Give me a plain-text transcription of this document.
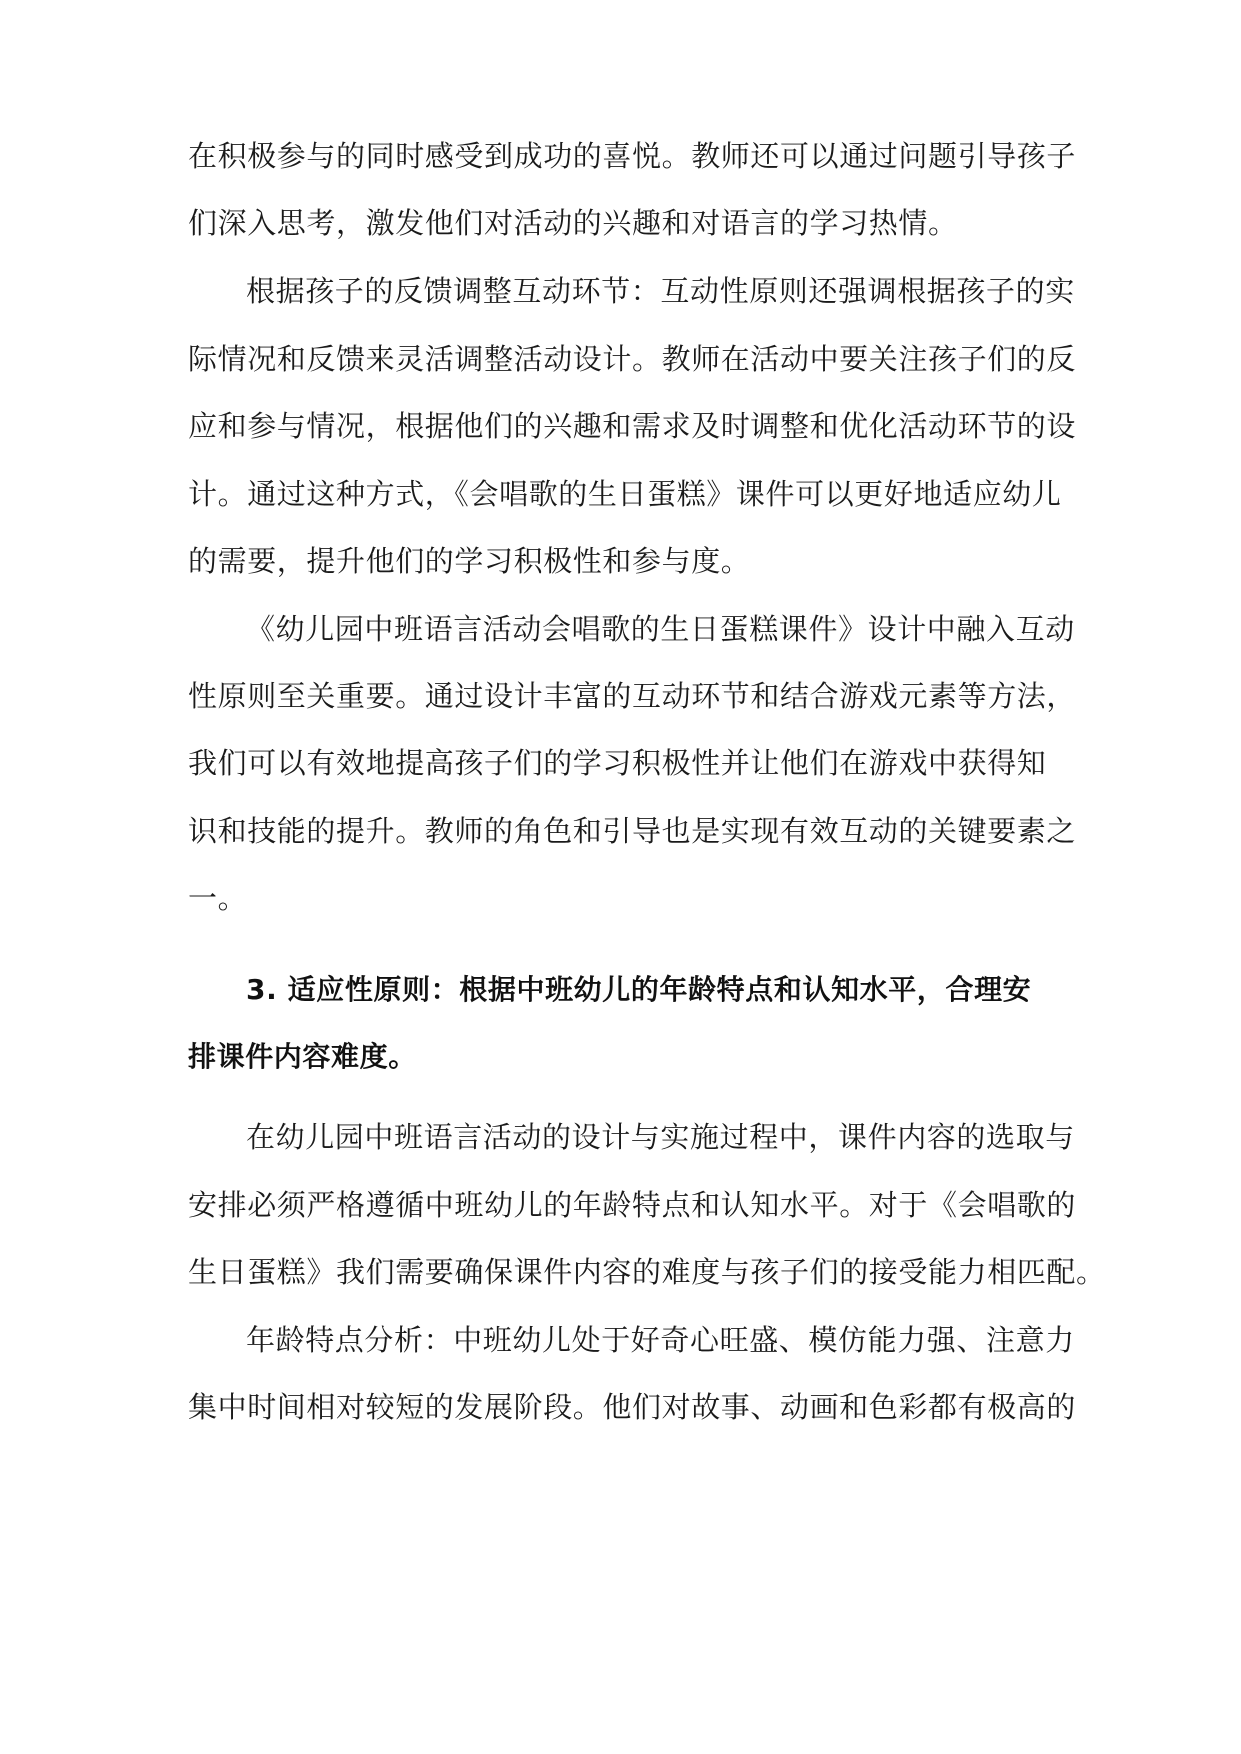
在积极参与的同时感受到成功的喜悦。教师还可以通过问题引导孩子
们深入思考，激发他们对活动的兴趣和对语言的学习热情。
根据孩子的反馈调整互动环节：互动性原则还强调根据孩子的实
际情况和反馈来灵活调整活动设计。教师在活动中要关注孩子们的反
应和参与情况，根据他们的兴趣和需求及时调整和优化活动环节的设
计。通过这种方式，《会唱歌的生日蛋糕》课件可以更好地适应幼儿
的需要，提升他们的学习积极性和参与度。
《幼儿园中班语言活动会唱歌的生日蛋糕课件》设计中融入互动
性原则至关重要。通过设计丰富的互动环节和结合游戏元素等方法，
我们可以有效地提高孩子们的学习积极性并让他们在游戏中获得知
识和技能的提升。教师的角色和引导也是实现有效互动的关键要素之
一。
3. 适应性原则：根据中班幼儿的年龄特点和认知水平，合理安
排课件内容难度。
在幼儿园中班语言活动的设计与实施过程中，课件内容的选取与
安排必须严格遵循中班幼儿的年龄特点和认知水平。对于《会唱歌的
生日蛋糕》我们需要确保课件内容的难度与孩子们的接受能力相匹配。
年龄特点分析：中班幼儿处于好奇心旺盛、模仿能力强、注意力
集中时间相对较短的发展阶段。他们对故事、动画和色彩都有极高的
